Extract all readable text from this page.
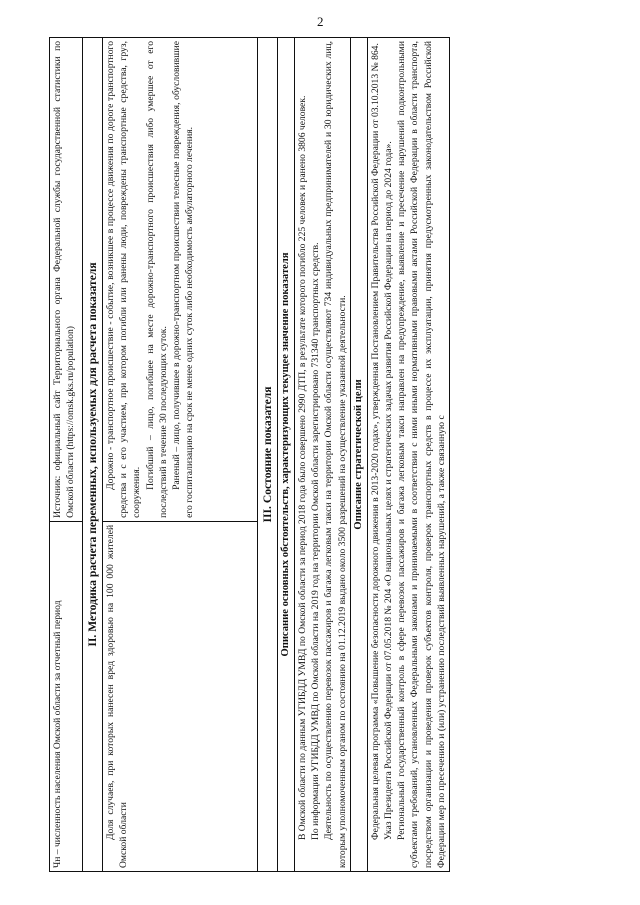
2
Чн – численность населения Омской области за отчетный период	Источник: официальный сайт Территориального органа Федеральной службы государственной статистики по Омской области (https://omsk.gks.ru/population)
II. Методика расчета переменных, используемых для расчета показателя	

Доля случаев, при которых нанесен вред здоровью на 100 000 жителей Омской области	Дорожно - транспортное происшествие - событие, возникшее в процессе движения по дороге транспортного средства и с его участием, при котором погибли или ранены люди, повреждены транспортные средства, груз, сооружения.

Погибший – лицо, погибшее на месте дорожно-транспортного происшествия либо умершее от его последствий в течение 30 последующих суток. Раненый – лицо, получившее в дорожно-транспортном происшествии телесные повреждения, обусловившие его госпитализацию на срок не менее одних суток либо необходимость амбулаторного лечения.

III. Состояние показателя	
Описание основных обстоятельств, характеризующих текущее значение показателя	

В Омской области по данным УГИБДД УМВД по Омской области за период 2018 года было совершено 2990 ДТП, в результате которого погибло 225 человек и ранено 3806 человек. По информации УГИБДД УМВД по Омской области на 2019 год на территории Омской области зарегистрировано 731340 транспортных средств. Деятельность по осуществлению перевозок пассажиров и багажа легковым такси на территории Омской области осуществляют 734 индивидуальных предпринимателей и 30 юридических лиц, которым уполномоченным органом по состоянию на 01.12.2019 выдано около 3500 разрешений на осуществление указанной деятельности.	

Описание стратегической цели	

Федеральная целевая программа «Повышение безопасности дорожного движения в 2013-2020 годах», утвержденная Постановлением Правительства Российской Федерации от 03.10.2013 № 864. Указ Президента Российской Федерации от 07.05.2018 № 204 «О национальных целях и стратегических задачах развития Российской Федерации на период до 2024 года». Региональный государственный контроль в сфере перевозок пассажиров и багажа легковым такси направлен на предупреждение, выявление и пресечение нарушений подконтрольными субъектами требований, установленных Федеральными законами и принимаемыми в соответствии с ними иными нормативными правовыми актами Российской Федерации в области транспорта, посредством организации и проведения проверок субъектов контроля, проверок транспортных средств в процессе их эксплуатации, принятия предусмотренных законодательством Российской Федерации мер по пресечению и (или) устранению последствий выявленных нарушений, а также связанную с	
